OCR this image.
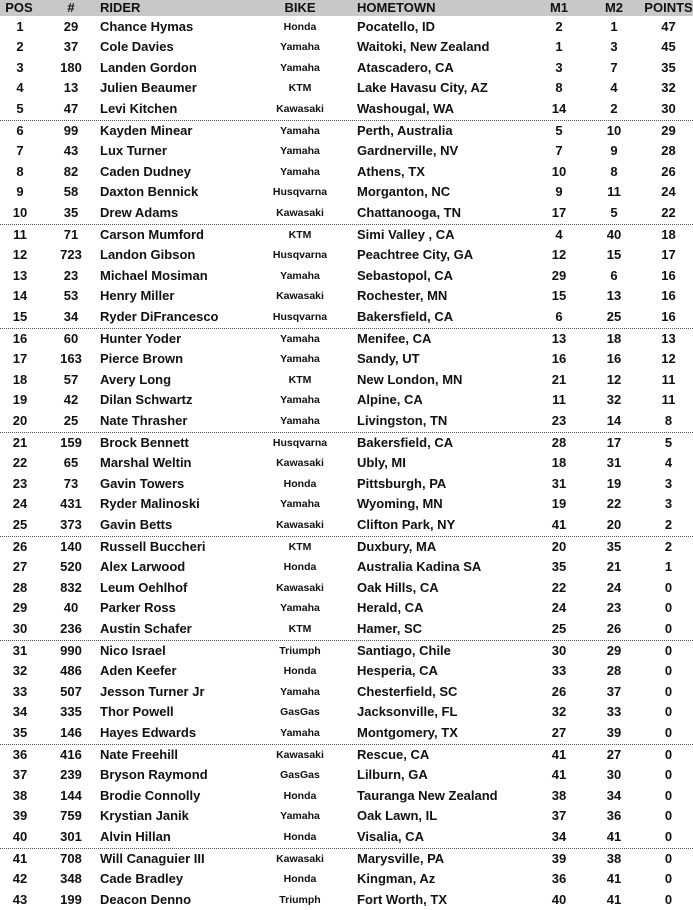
POS	#	RIDER	BIKE	HOMETOWN	M1	M2	POINTS
1	29	Chance Hymas	Honda	Pocatello, ID	2	1	47
2	37	Cole Davies	Yamaha	Waitoki, New Zealand	1	3	45
3	180	Landen Gordon	Yamaha	Atascadero, CA	3	7	35
4	13	Julien Beaumer	KTM	Lake Havasu City, AZ	8	4	32
5	47	Levi Kitchen	Kawasaki	Washougal, WA	14	2	30
6	99	Kayden Minear	Yamaha	Perth, Australia	5	10	29
7	43	Lux Turner	Yamaha	Gardnerville, NV	7	9	28
8	82	Caden Dudney	Yamaha	Athens, TX	10	8	26
9	58	Daxton Bennick	Husqvarna	Morganton, NC	9	11	24
10	35	Drew Adams	Kawasaki	Chattanooga, TN	17	5	22
11	71	Carson Mumford	KTM	Simi Valley , CA	4	40	18
12	723	Landon Gibson	Husqvarna	Peachtree City, GA	12	15	17
13	23	Michael Mosiman	Yamaha	Sebastopol, CA	29	6	16
14	53	Henry Miller	Kawasaki	Rochester, MN	15	13	16
15	34	Ryder DiFrancesco	Husqvarna	Bakersfield, CA	6	25	16
16	60	Hunter Yoder	Yamaha	Menifee, CA	13	18	13
17	163	Pierce Brown	Yamaha	Sandy, UT	16	16	12
18	57	Avery Long	KTM	New London, MN	21	12	11
19	42	Dilan Schwartz	Yamaha	Alpine, CA	11	32	11
20	25	Nate Thrasher	Yamaha	Livingston, TN	23	14	8
21	159	Brock Bennett	Husqvarna	Bakersfield, CA	28	17	5
22	65	Marshal Weltin	Kawasaki	Ubly, MI	18	31	4
23	73	Gavin Towers	Honda	Pittsburgh, PA	31	19	3
24	431	Ryder Malinoski	Yamaha	Wyoming, MN	19	22	3
25	373	Gavin Betts	Kawasaki	Clifton Park, NY	41	20	2
26	140	Russell Buccheri	KTM	Duxbury, MA	20	35	2
27	520	Alex Larwood	Honda	Australia Kadina SA	35	21	1
28	832	Leum Oehlhof	Kawasaki	Oak Hills, CA	22	24	0
29	40	Parker Ross	Yamaha	Herald, CA	24	23	0
30	236	Austin Schafer	KTM	Hamer, SC	25	26	0
31	990	Nico Israel	Triumph	Santiago, Chile	30	29	0
32	486	Aden Keefer	Honda	Hesperia, CA	33	28	0
33	507	Jesson Turner Jr	Yamaha	Chesterfield, SC	26	37	0
34	335	Thor Powell	GasGas	Jacksonville, FL	32	33	0
35	146	Hayes Edwards	Yamaha	Montgomery, TX	27	39	0
36	416	Nate Freehill	Kawasaki	Rescue, CA	41	27	0
37	239	Bryson Raymond	GasGas	Lilburn, GA	41	30	0
38	144	Brodie Connolly	Honda	Tauranga New Zealand	38	34	0
39	759	Krystian Janik	Yamaha	Oak Lawn, IL	37	36	0
40	301	Alvin Hillan	Honda	Visalia, CA	34	41	0
41	708	Will Canaguier III	Kawasaki	Marysville, PA	39	38	0
42	348	Cade Bradley	Honda	Kingman, Az	36	41	0
43	199	Deacon Denno	Triumph	Fort Worth, TX	40	41	0
